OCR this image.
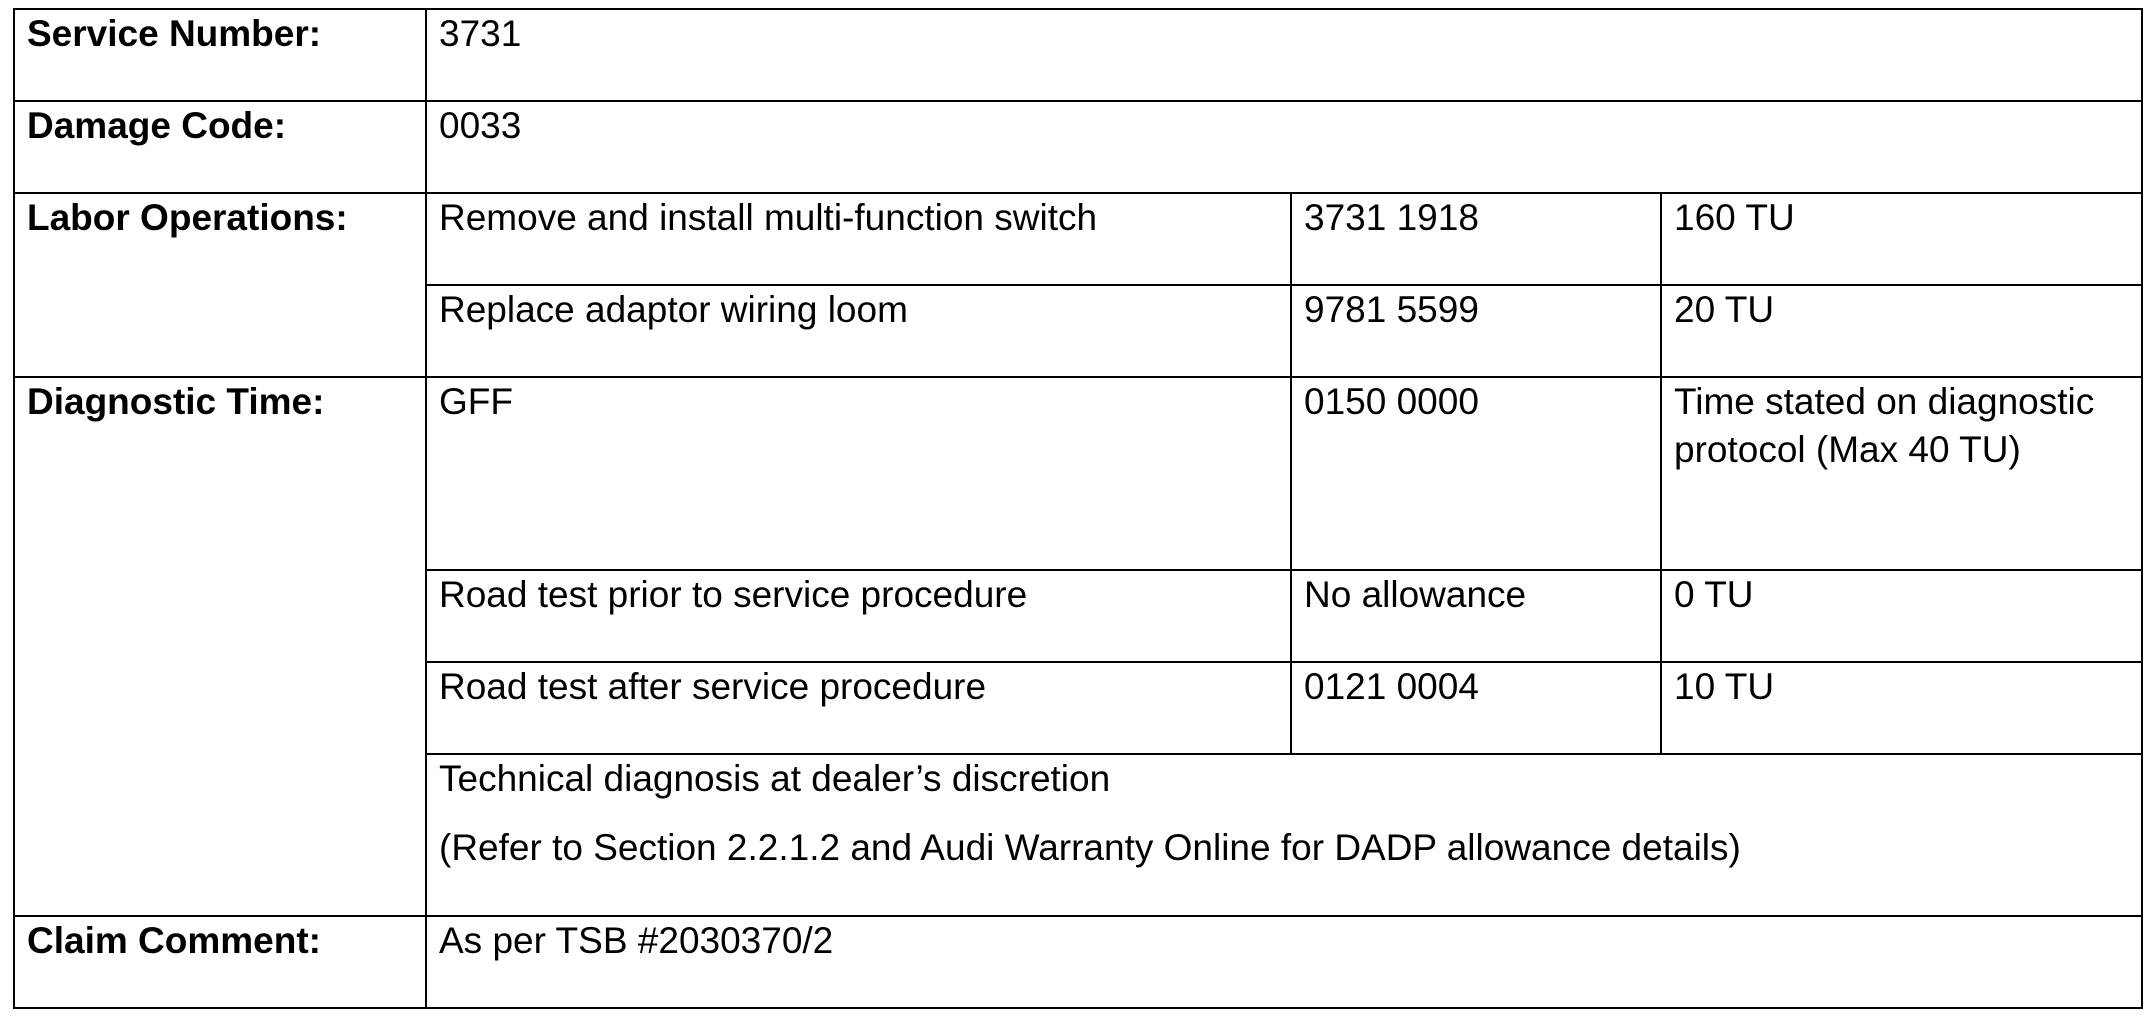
Service Number:	3731		
Damage Code:	0033		
Labor Operations:	Remove and install multi-function switch	3731 1918	160 TU
	Replace adaptor wiring loom	9781 5599	20 TU
Diagnostic Time:	GFF	0150 0000	Time stated on diagnostic protocol (Max 40 TU)
	Road test prior to service procedure	No allowance	0 TU
	Road test after service procedure	0121 0004	10 TU

	Technical diagnosis at dealer’s discretion
(Refer to Section 2.2.1.2 and Audi Warranty Online for DADP allowance details)		

Claim Comment:	As per TSB #2030370/2		
